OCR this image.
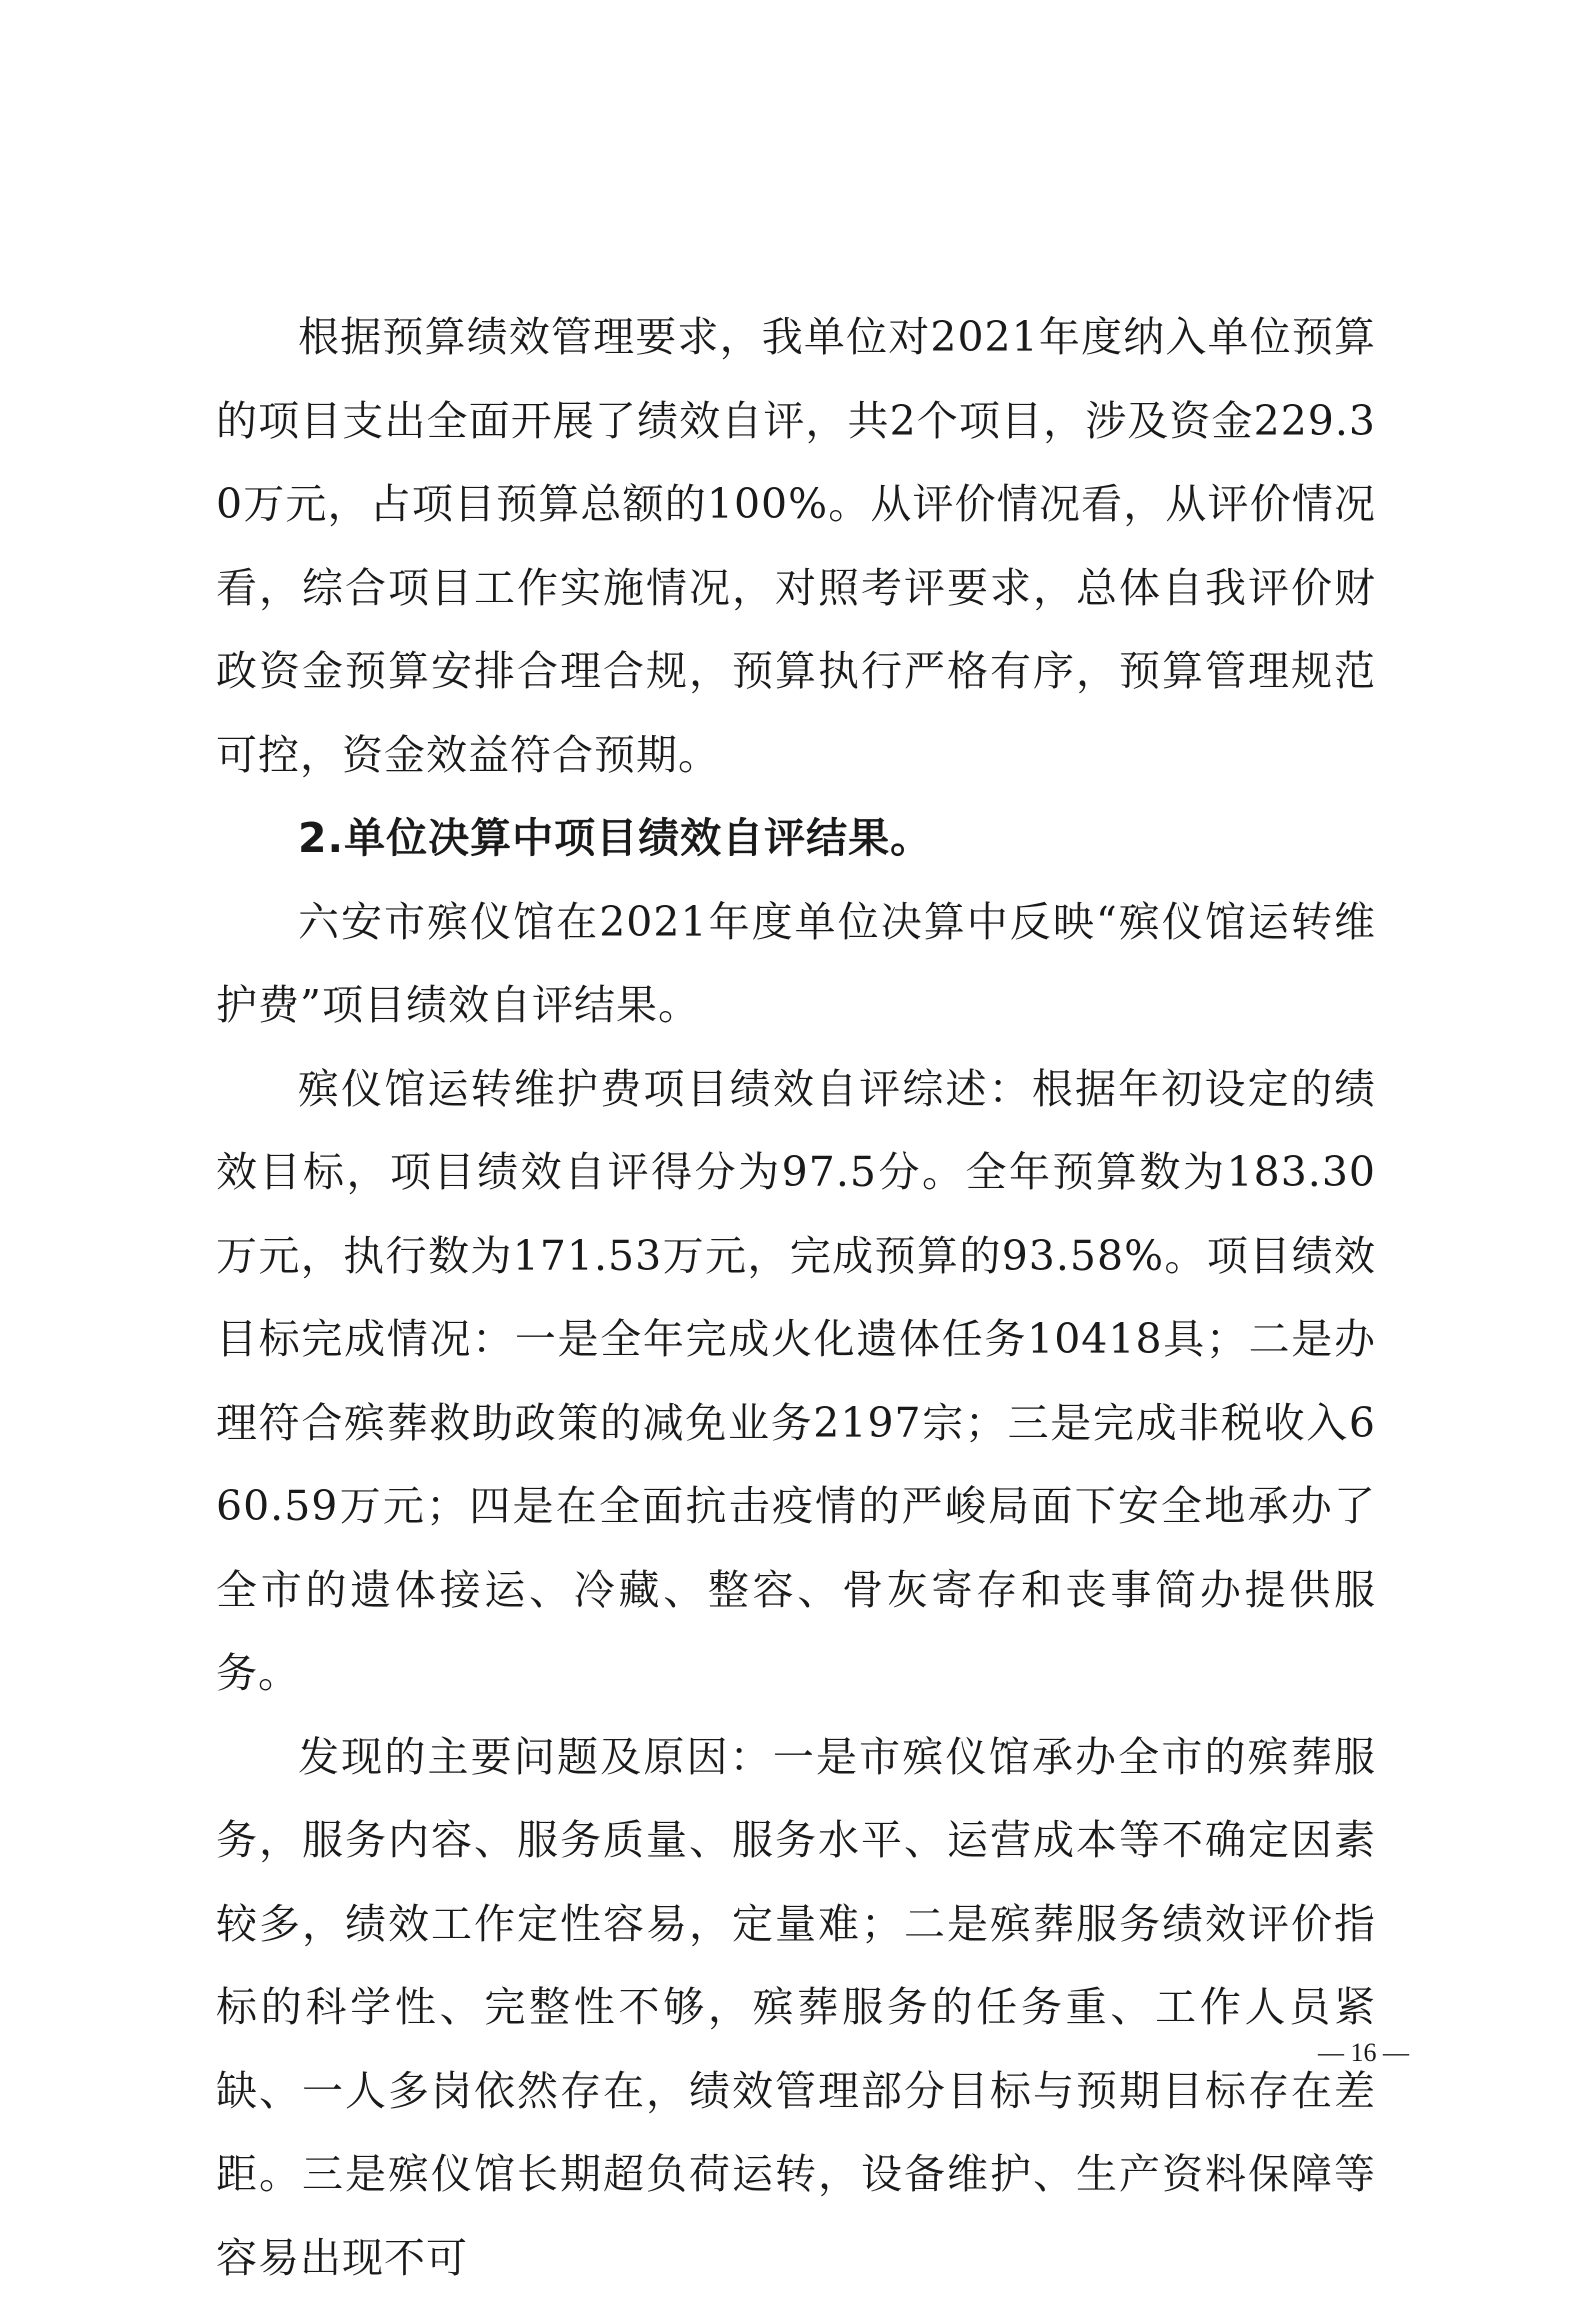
根据预算绩效管理要求，我单位对2021年度纳入单位预算的项目支出全面开展了绩效自评，共2个项目，涉及资金229.30万元，占项目预算总额的100%。从评价情况看，从评价情况看，综合项目工作实施情况，对照考评要求，总体自我评价财政资金预算安排合理合规，预算执行严格有序，预算管理规范可控，资金效益符合预期。

2.单位决算中项目绩效自评结果。

六安市殡仪馆在2021年度单位决算中反映“殡仪馆运转维护费”项目绩效自评结果。

殡仪馆运转维护费项目绩效自评综述：根据年初设定的绩效目标，项目绩效自评得分为97.5分。全年预算数为183.30万元，执行数为171.53万元，完成预算的93.58%。项目绩效目标完成情况：一是全年完成火化遗体任务10418具；二是办理符合殡葬救助政策的减免业务2197宗；三是完成非税收入660.59万元；四是在全面抗击疫情的严峻局面下安全地承办了全市的遗体接运、冷藏、整容、骨灰寄存和丧事简办提供服务。

发现的主要问题及原因：一是市殡仪馆承办全市的殡葬服务，服务内容、服务质量、服务水平、运营成本等不确定因素较多，绩效工作定性容易，定量难；二是殡葬服务绩效评价指标的科学性、完整性不够，殡葬服务的任务重、工作人员紧缺、一人多岗依然存在，绩效管理部分目标与预期目标存在差距。三是殡仪馆长期超负荷运转，设备维护、生产资料保障等容易出现不可

— 16 —
